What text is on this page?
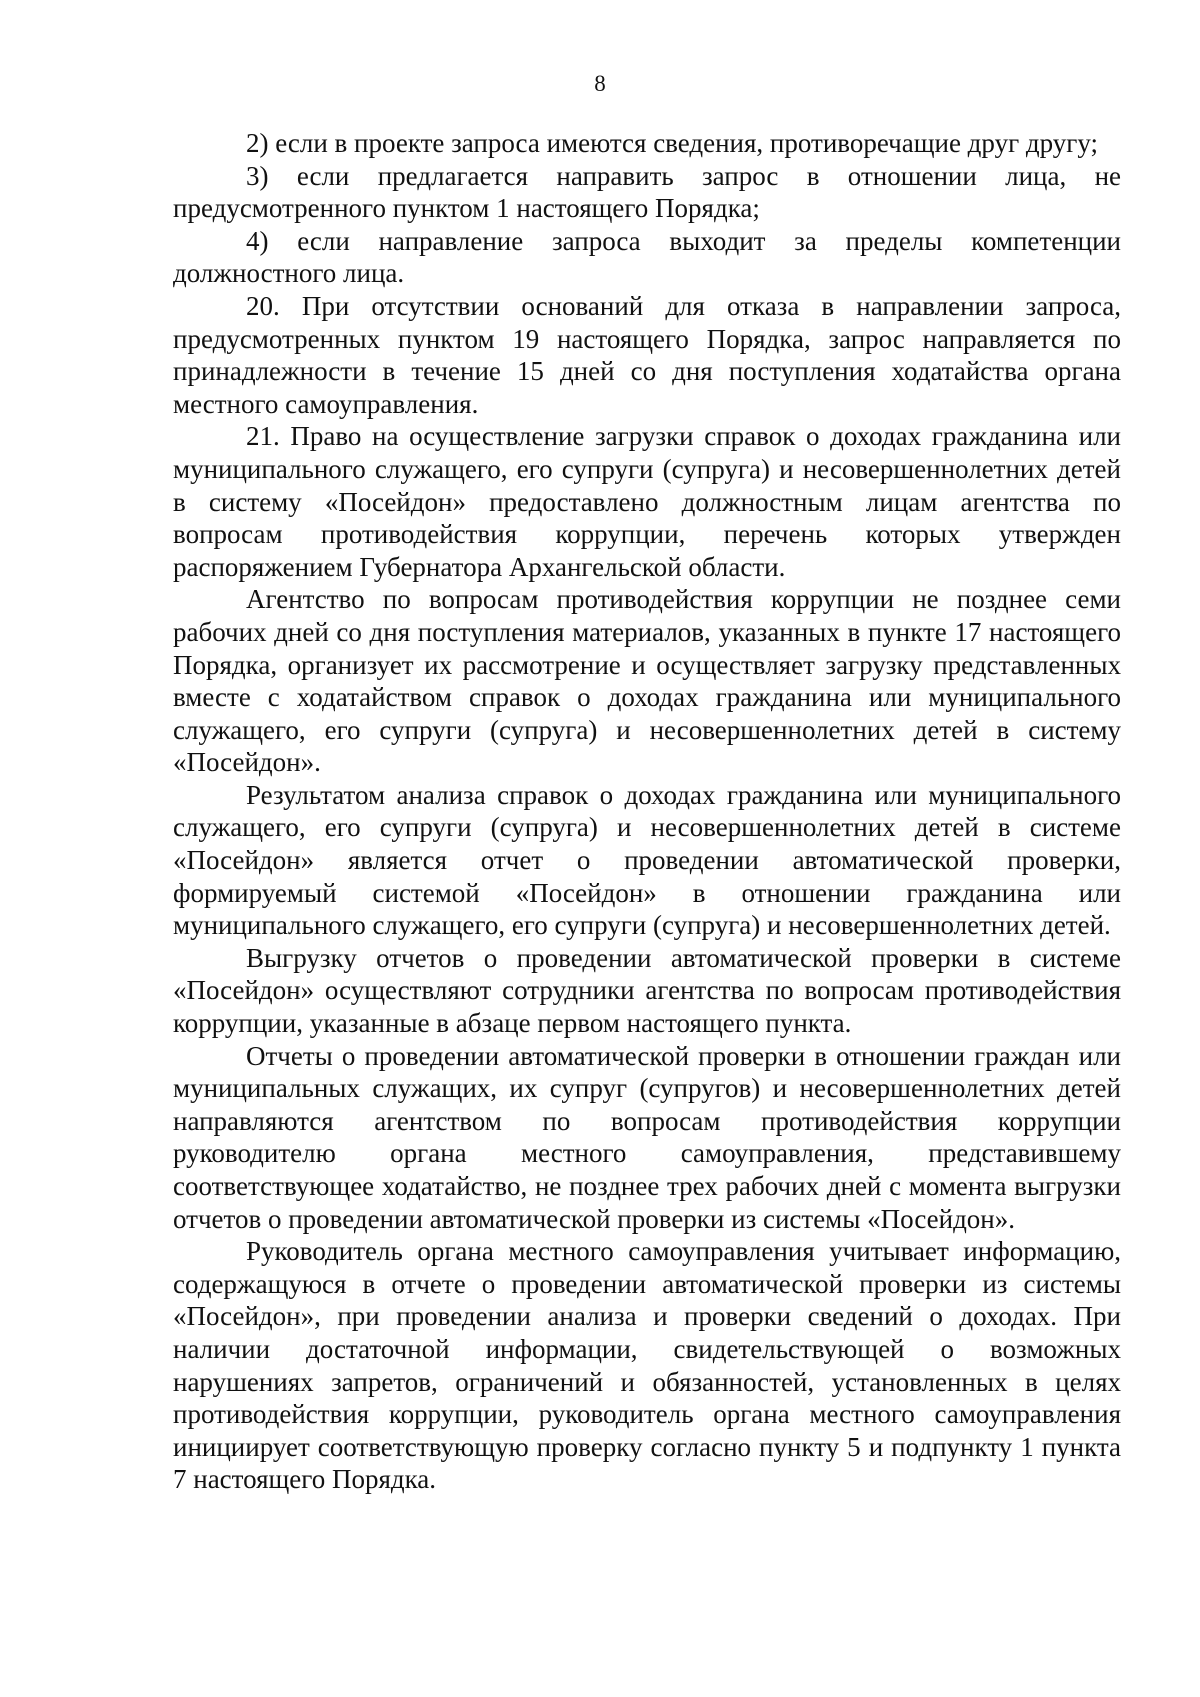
8

2) если в проекте запроса имеются сведения, противоречащие друг другу;

3) если предлагается направить запрос в отношении лица, не предусмотренного пунктом 1 настоящего Порядка;

4) если направление запроса выходит за пределы компетенции должностного лица.

20. При отсутствии оснований для отказа в направлении запроса, предусмотренных пунктом 19 настоящего Порядка, запрос направляется по принадлежности в течение 15 дней со дня поступления ходатайства органа местного самоуправления.

21. Право на осуществление загрузки справок о доходах гражданина или муниципального служащего, его супруги (супруга) и несовершеннолетних детей в систему «Посейдон» предоставлено должностным лицам агентства по вопросам противодействия коррупции, перечень которых утвержден распоряжением Губернатора Архангельской области.

Агентство по вопросам противодействия коррупции не позднее семи рабочих дней со дня поступления материалов, указанных в пункте 17 настоящего Порядка, организует их рассмотрение и осуществляет загрузку представленных вместе с ходатайством справок о доходах гражданина или муниципального служащего, его супруги (супруга) и несовершеннолетних детей в систему «Посейдон».

Результатом анализа справок о доходах гражданина или муниципального служащего, его супруги (супруга) и несовершеннолетних детей в системе «Посейдон» является отчет о проведении автоматической проверки, формируемый системой «Посейдон» в отношении гражданина или муниципального служащего, его супруги (супруга) и несовершеннолетних детей.

Выгрузку отчетов о проведении автоматической проверки в системе «Посейдон» осуществляют сотрудники агентства по вопросам противодействия коррупции, указанные в абзаце первом настоящего пункта.

Отчеты о проведении автоматической проверки в отношении граждан или муниципальных служащих, их супруг (супругов) и несовершеннолетних детей направляются агентством по вопросам противодействия коррупции руководителю органа местного самоуправления, представившему соответствующее ходатайство, не позднее трех рабочих дней с момента выгрузки отчетов о проведении автоматической проверки из системы «Посейдон».

Руководитель органа местного самоуправления учитывает информацию, содержащуюся в отчете о проведении автоматической проверки из системы «Посейдон», при проведении анализа и проверки сведений о доходах. При наличии достаточной информации, свидетельствующей о возможных нарушениях запретов, ограничений и обязанностей, установленных в целях противодействия коррупции, руководитель органа местного самоуправления инициирует соответствующую проверку согласно пункту 5 и подпункту 1 пункта 7 настоящего Порядка.
